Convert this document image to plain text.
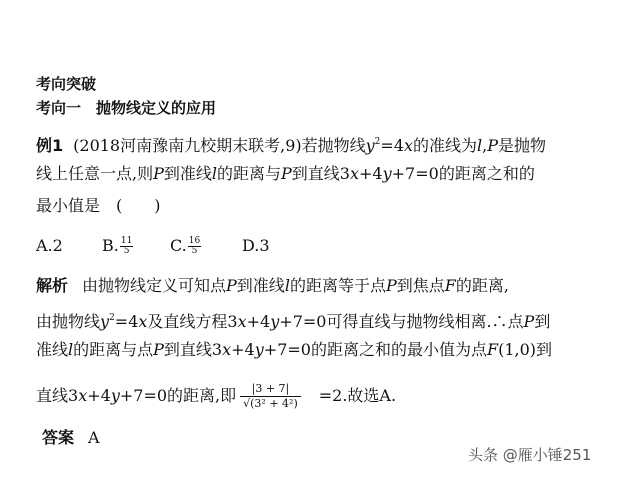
考向突破
考向一　抛物线定义的应用
例1 (2018河南豫南九校期末联考,9)若抛物线$y^2=4x$的准线为l,P是抛物
线上任意一点,则P到准线l的距离与P到直线3x+4y+7=0的距离之和的
最小值是　(　　)
A.2 B. $\frac{11}{5} C$. $\frac{16}{5}$	D.3
解析 由抛物线定义可知点P到准线l的距离等于点P到焦点F的距离,
由抛物线$y^2=4x$及直线方程3x+4y+7=0可得直线与抛物线相离.∴点P到
准线l的距离与点P到直线3x+4y+7=0的距离之和的最小值为点F(1,0)到
直线3x+4y+7=0的距离,即 $\frac{|3 + 7|}{\text{√(3² + 4²)}} =2$.故选A.
答案 A
头条 @雁小锤251
